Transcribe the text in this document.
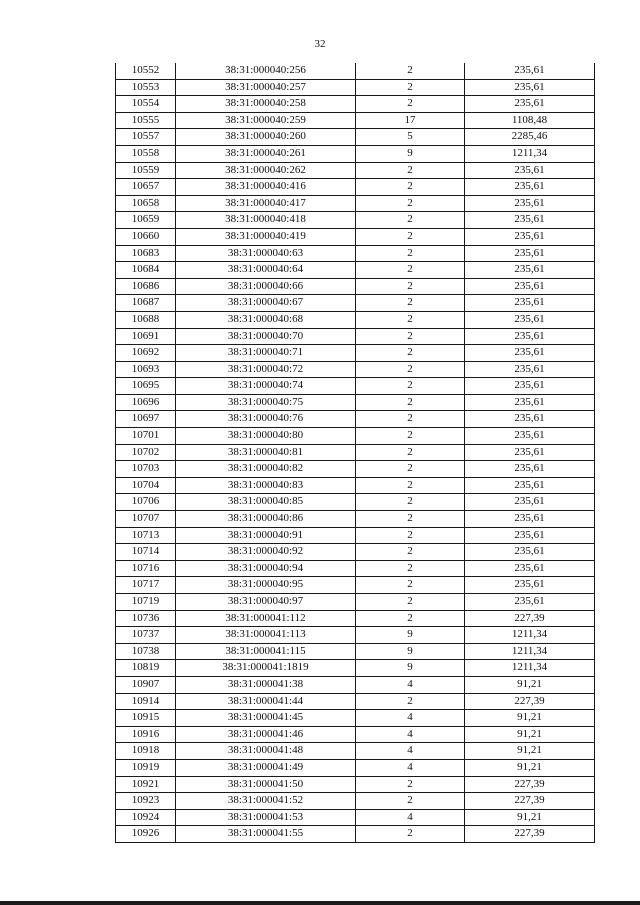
32
10552	38:31:000040:256	2	235,61
10553	38:31:000040:257	2	235,61
10554	38:31:000040:258	2	235,61
10555	38:31:000040:259	17	1108,48
10557	38:31:000040:260	5	2285,46
10558	38:31:000040:261	9	1211,34
10559	38:31:000040:262	2	235,61
10657	38:31:000040:416	2	235,61
10658	38:31:000040:417	2	235,61
10659	38:31:000040:418	2	235,61
10660	38:31:000040:419	2	235,61
10683	38:31:000040:63	2	235,61
10684	38:31:000040:64	2	235,61
10686	38:31:000040:66	2	235,61
10687	38:31:000040:67	2	235,61
10688	38:31:000040:68	2	235,61
10691	38:31:000040:70	2	235,61
10692	38:31:000040:71	2	235,61
10693	38:31:000040:72	2	235,61
10695	38:31:000040:74	2	235,61
10696	38:31:000040:75	2	235,61
10697	38:31:000040:76	2	235,61
10701	38:31:000040:80	2	235,61
10702	38:31:000040:81	2	235,61
10703	38:31:000040:82	2	235,61
10704	38:31:000040:83	2	235,61
10706	38:31:000040:85	2	235,61
10707	38:31:000040:86	2	235,61
10713	38:31:000040:91	2	235,61
10714	38:31:000040:92	2	235,61
10716	38:31:000040:94	2	235,61
10717	38:31:000040:95	2	235,61
10719	38:31:000040:97	2	235,61
10736	38:31:000041:112	2	227,39
10737	38:31:000041:113	9	1211,34
10738	38:31:000041:115	9	1211,34
10819	38:31:000041:1819	9	1211,34
10907	38:31:000041:38	4	91,21
10914	38:31:000041:44	2	227,39
10915	38:31:000041:45	4	91,21
10916	38:31:000041:46	4	91,21
10918	38:31:000041:48	4	91,21
10919	38:31:000041:49	4	91,21
10921	38:31:000041:50	2	227,39
10923	38:31:000041:52	2	227,39
10924	38:31:000041:53	4	91,21
10926	38:31:000041:55	2	227,39
